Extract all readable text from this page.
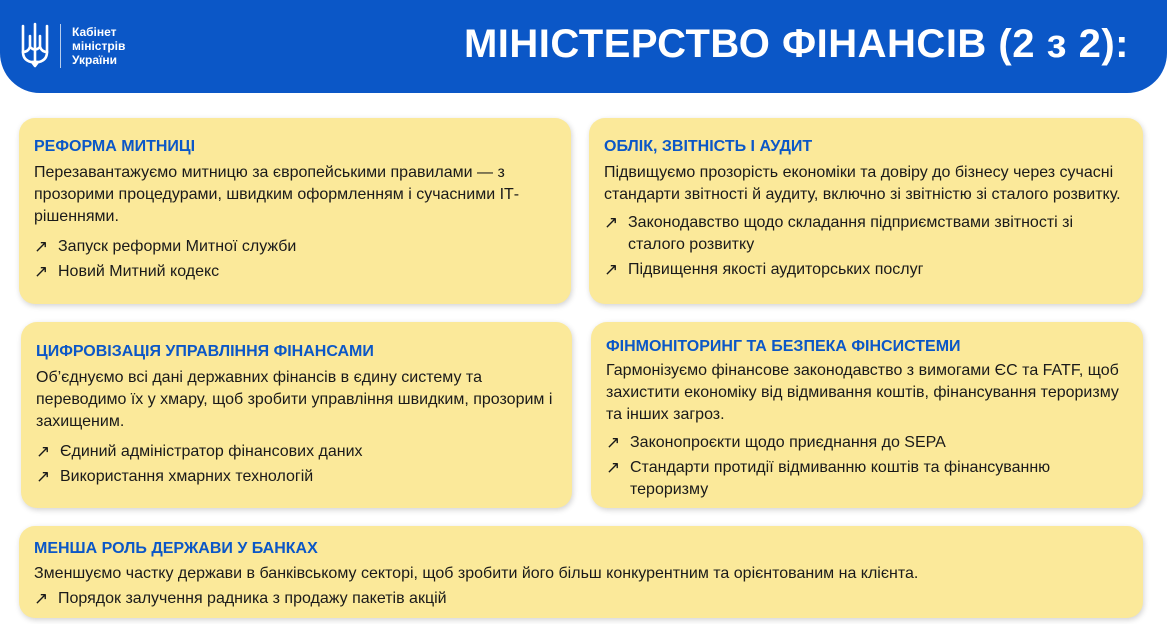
Кабінет
міністрів
України	МІНІСТЕРСТВО ФІНАНСІВ (2 з 2):
РЕФОРМА МИТНИЦІ

Перезавантажуємо митницю за європейськими правилами — з прозорими процедурами, швидким оформленням і сучасними ІТ-рішеннями.

↗ Запуск реформи Митної служби
↗ Новий Митний кодекс
ОБЛІК, ЗВІТНІСТЬ І АУДИТ

Підвищуємо прозорість економіки та довіру до бізнесу через сучасні стандарти звітності й аудиту, включно зі звітністю зі сталого розвитку.

↗ Законодавство щодо складання підприємствами звітності зі сталого розвитку
↗ Підвищення якості аудиторських послуг
ЦИФРОВІЗАЦІЯ УПРАВЛІННЯ ФІНАНСАМИ

Об’єднуємо всі дані державних фінансів в єдину систему та переводимо їх у хмару, щоб зробити управління швидким, прозорим і захищеним.

↗ Єдиний адміністратор фінансових даних
↗ Використання хмарних технологій
ФІНМОНІТОРИНГ ТА БЕЗПЕКА ФІНСИСТЕМИ

Гармонізуємо фінансове законодавство з вимогами ЄС та FATF, щоб захистити економіку від відмивання коштів, фінансування тероризму та інших загроз.

↗ Законопроєкти щодо приєднання до SEPA
↗ Стандарти протидії відмиванню коштів та фінансуванню тероризму
МЕНША РОЛЬ ДЕРЖАВИ У БАНКАХ

Зменшуємо частку держави в банківському секторі, щоб зробити його більш конкурентним та орієнтованим на клієнта.

↗ Порядок залучення радника з продажу пакетів акцій
